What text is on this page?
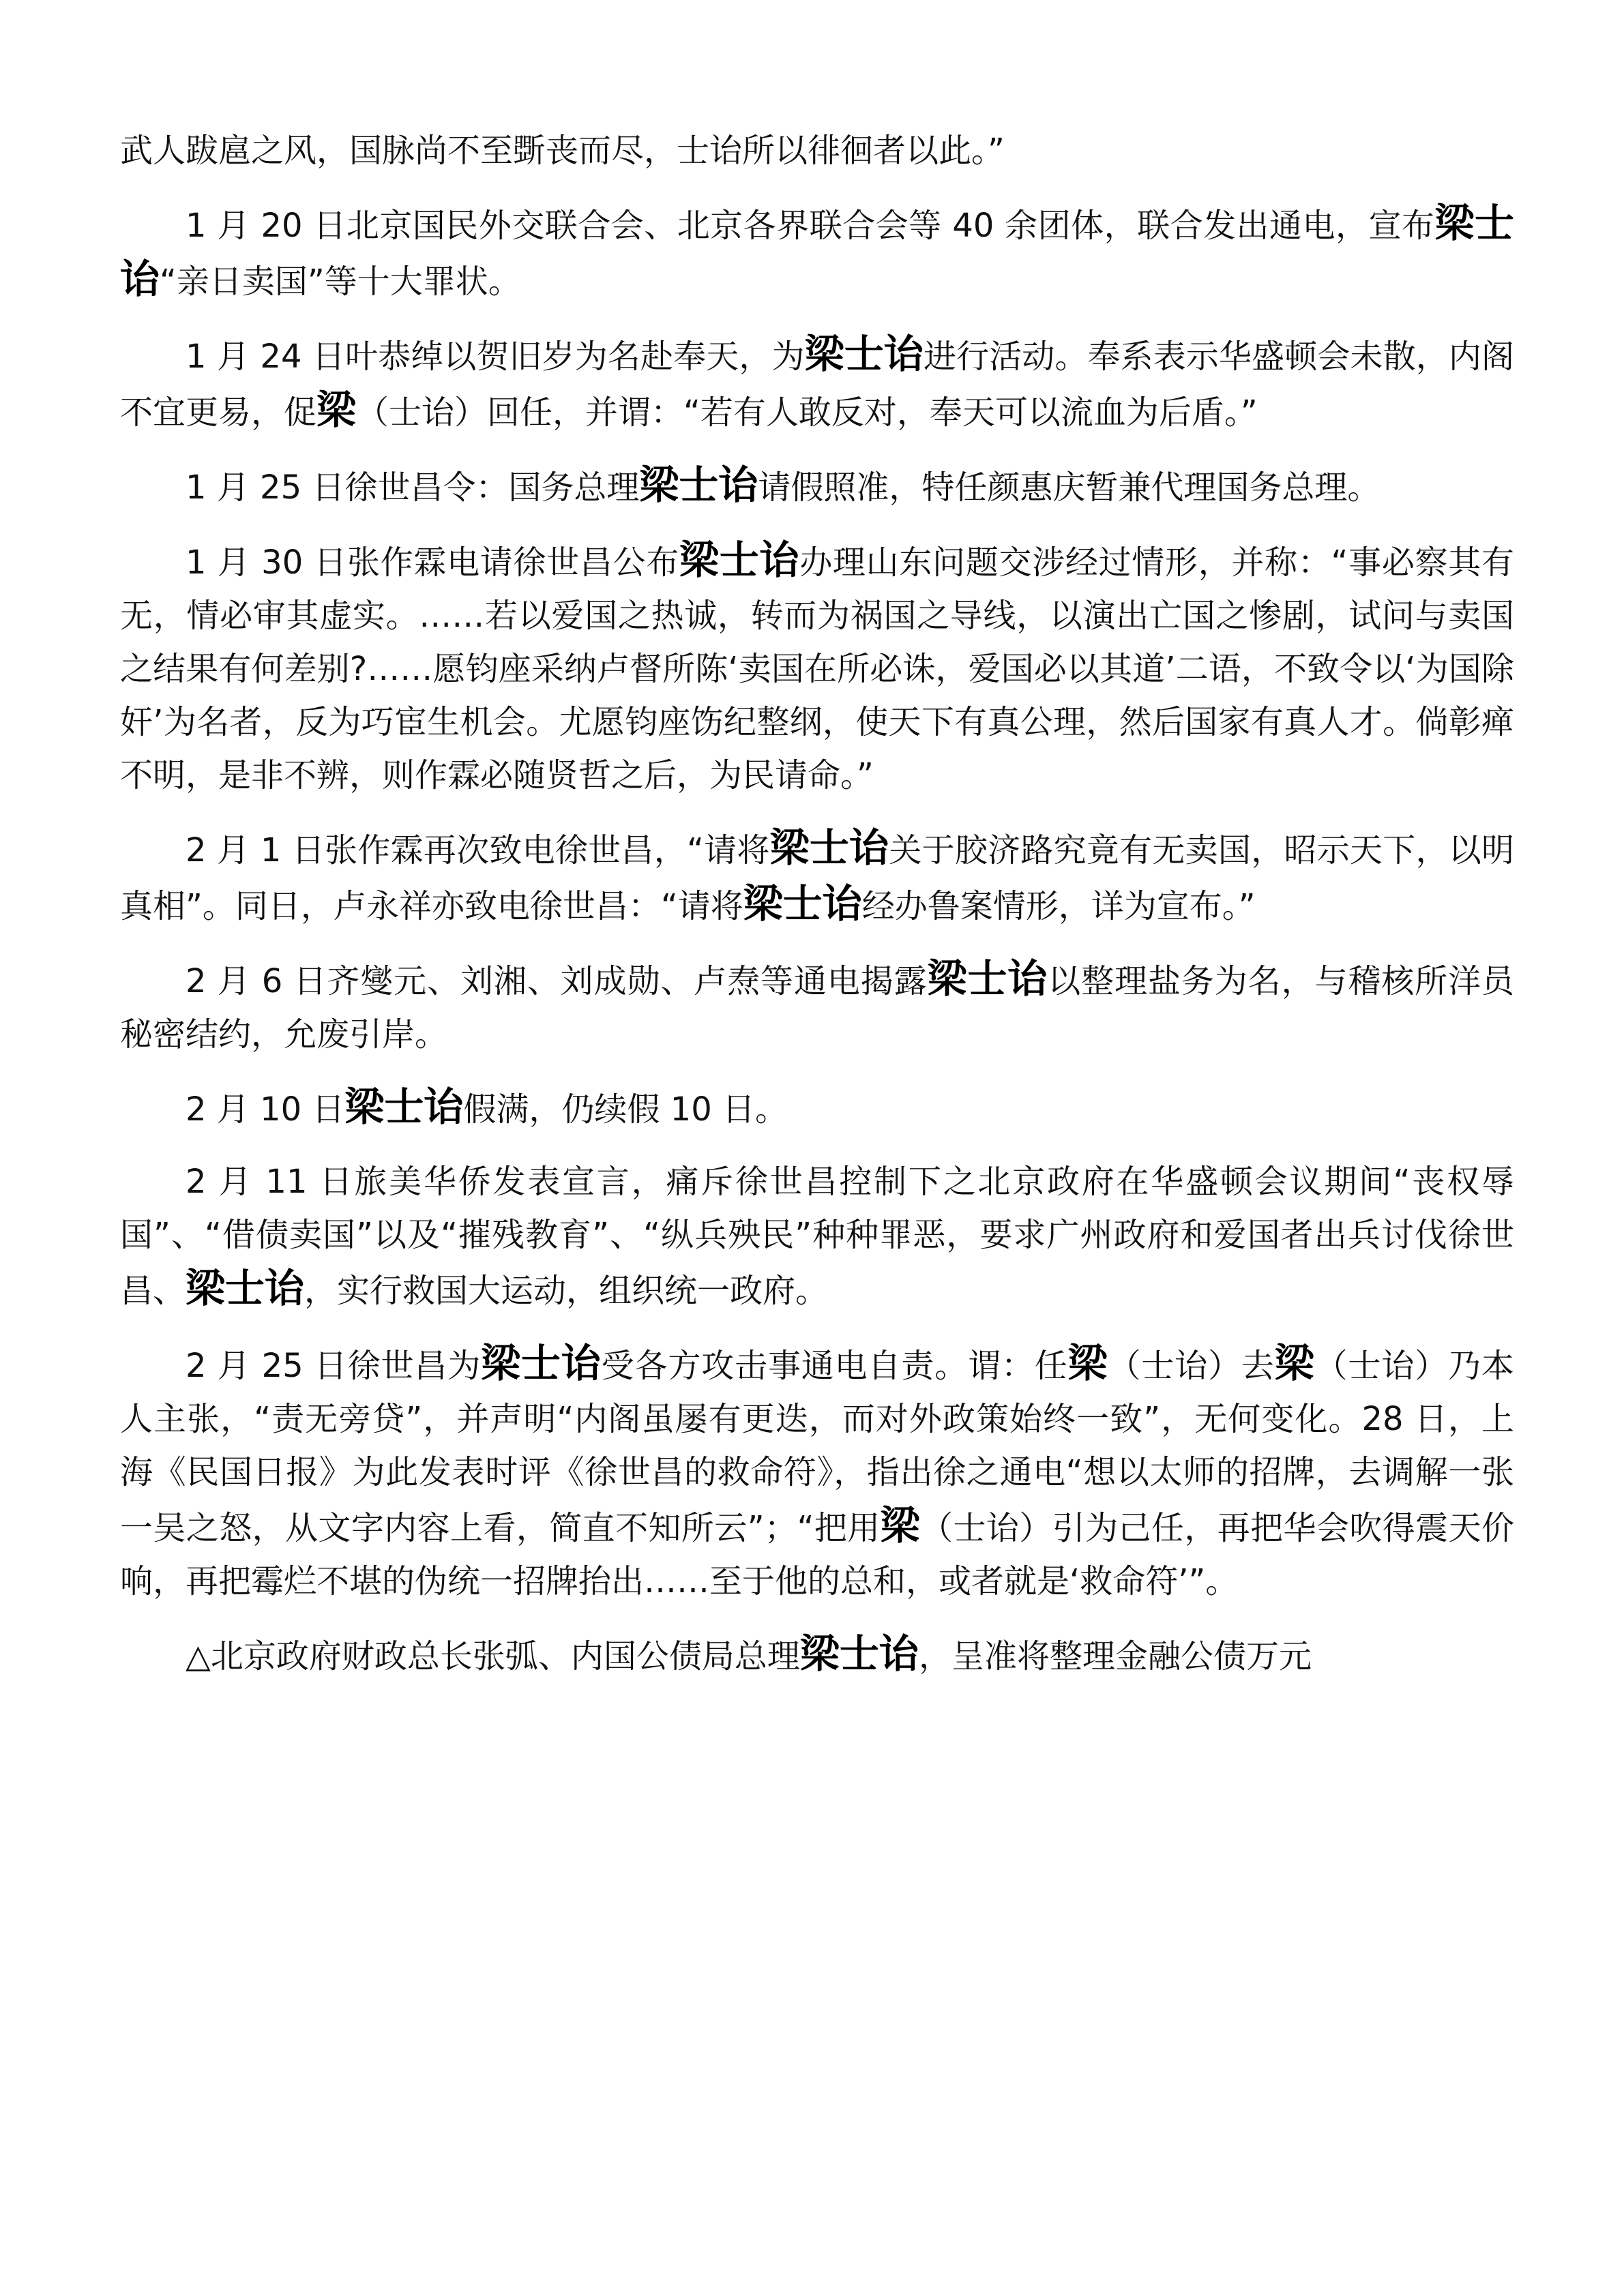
武人跋扈之风，国脉尚不至斲丧而尽，士诒所以徘徊者以此。”

1 月 20 日北京国民外交联合会、北京各界联合会等 40 余团体，联合发出通电，宣布梁士诒“亲日卖国”等十大罪状。

1 月 24 日叶恭绰以贺旧岁为名赴奉天，为梁士诒进行活动。奉系表示华盛顿会未散，内阁不宜更易，促梁（士诒）回任，并谓：“若有人敢反对，奉天可以流血为后盾。”

1 月 25 日徐世昌令：国务总理梁士诒请假照准，特任颜惠庆暂兼代理国务总理。

1 月 30 日张作霖电请徐世昌公布梁士诒办理山东问题交涉经过情形，并称：“事必察其有无，情必审其虚实。……若以爱国之热诚，转而为祸国之导线，以演出亡国之惨剧，试问与卖国之结果有何差别?……愿钧座采纳卢督所陈‘卖国在所必诛，爱国必以其道’二语，不致令以‘为国除奸’为名者，反为巧宦生机会。尤愿钧座饬纪整纲，使天下有真公理，然后国家有真人才。倘彰瘅不明，是非不辨，则作霖必随贤哲之后，为民请命。”

2 月 1 日张作霖再次致电徐世昌，“请将梁士诒关于胶济路究竟有无卖国，昭示天下，以明真相”。同日，卢永祥亦致电徐世昌：“请将梁士诒经办鲁案情形，详为宣布。”

2 月 6 日齐燮元、刘湘、刘成勋、卢焘等通电揭露梁士诒以整理盐务为名，与稽核所洋员秘密结约，允废引岸。

2 月 10 日梁士诒假满，仍续假 10 日。

2 月 11 日旅美华侨发表宣言，痛斥徐世昌控制下之北京政府在华盛顿会议期间“丧权辱国”、“借债卖国”以及“摧残教育”、“纵兵殃民”种种罪恶，要求广州政府和爱国者出兵讨伐徐世昌、梁士诒，实行救国大运动，组织统一政府。

2 月 25 日徐世昌为梁士诒受各方攻击事通电自责。谓：任梁（士诒）去梁（士诒）乃本人主张，“责无旁贷”，并声明“内阁虽屡有更迭，而对外政策始终一致”，无何变化。28 日，上海《民国日报》为此发表时评《徐世昌的救命符》，指出徐之通电“想以太师的招牌，去调解一张一吴之怒，从文字内容上看，简直不知所云”；“把用梁（士诒）引为己任，再把华会吹得震天价响，再把霉烂不堪的伪统一招牌抬出……至于他的总和，或者就是‘救命符’”。

△北京政府财政总长张弧、内国公债局总理梁士诒，呈准将整理金融公债万元
